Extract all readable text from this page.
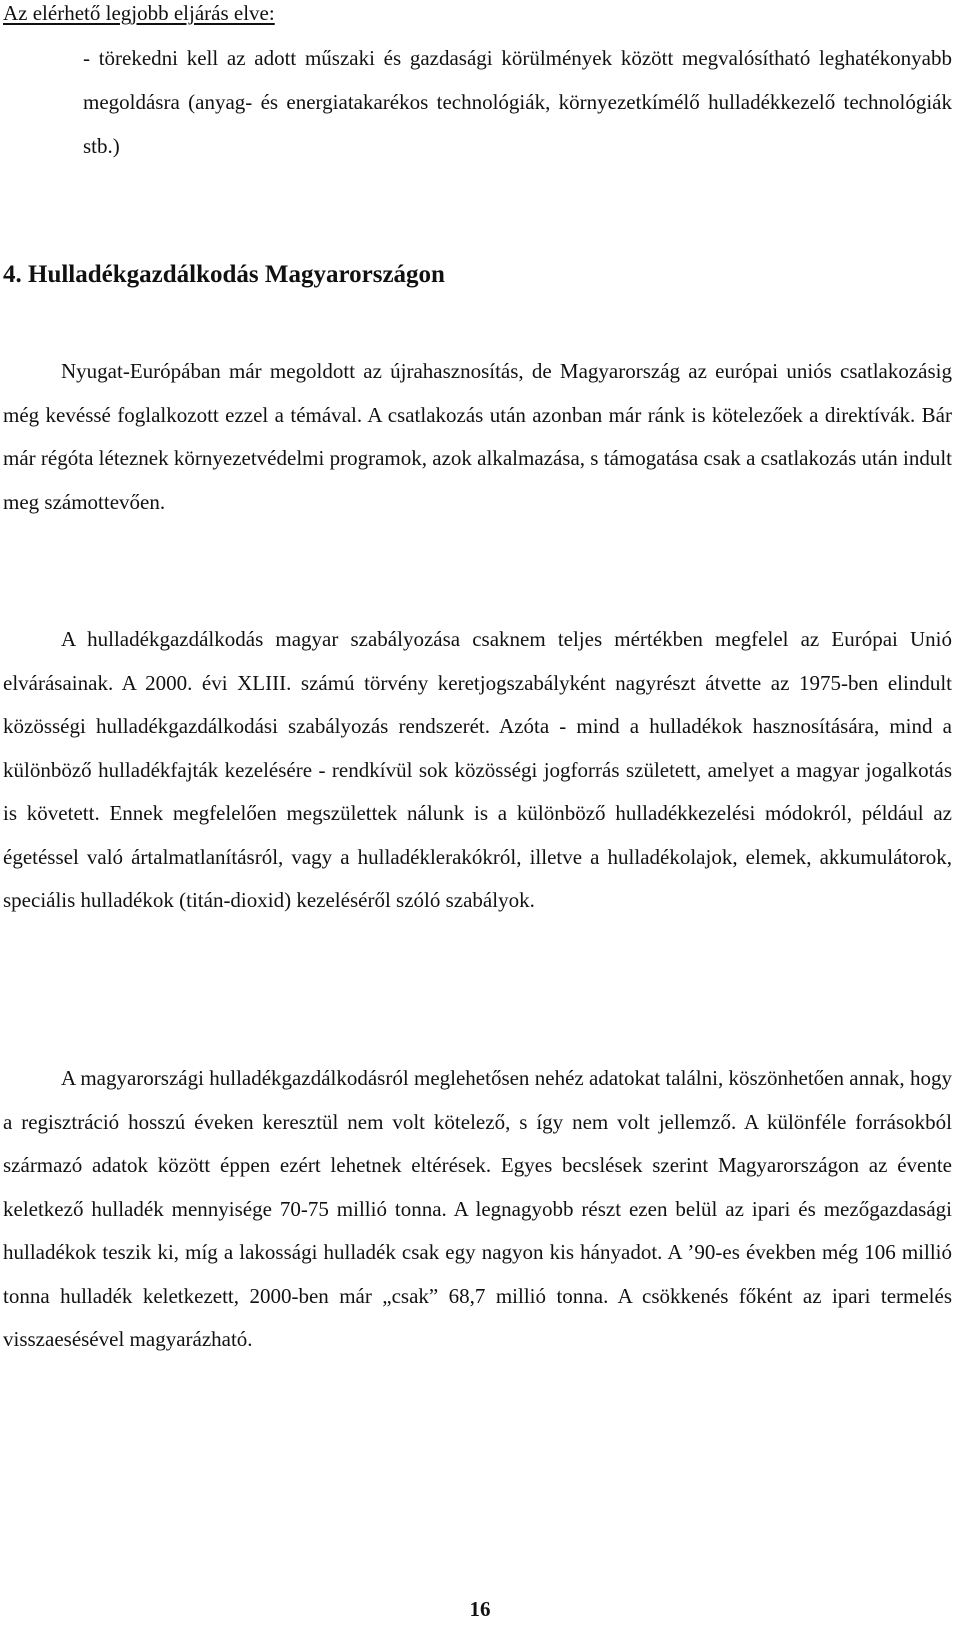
Az elérhető legjobb eljárás elve:
- törekedni kell az adott műszaki és gazdasági körülmények között megvalósítható leghatékonyabb megoldásra (anyag- és energiatakarékos technológiák, környezetkímélő hulladékkezelő technológiák stb.)
4. Hulladékgazdálkodás Magyarországon

Nyugat-Európában már megoldott az újrahasznosítás, de Magyarország az európai uniós csatlakozásig még kevéssé foglalkozott ezzel a témával. A csatlakozás után azonban már ránk is kötelezőek a direktívák. Bár már régóta léteznek környezetvédelmi programok, azok alkalmazása, s támogatása csak a csatlakozás után indult meg számottevően.

A hulladékgazdálkodás magyar szabályozása csaknem teljes mértékben megfelel az Európai Unió elvárásainak. A 2000. évi XLIII. számú törvény keretjogszabályként nagyrészt átvette az 1975-ben elindult közösségi hulladékgazdálkodási szabályozás rendszerét. Azóta - mind a hulladékok hasznosítására, mind a különböző hulladékfajták kezelésére - rendkívül sok közösségi jogforrás született, amelyet a magyar jogalkotás is követett. Ennek megfelelően megszülettek nálunk is a különböző hulladékkezelési módokról, például az égetéssel való ártalmatlanításról, vagy a hulladéklerakókról, illetve a hulladékolajok, elemek, akkumulátorok, speciális hulladékok (titán-dioxid) kezeléséről szóló szabályok.

A magyarországi hulladékgazdálkodásról meglehetősen nehéz adatokat találni, köszönhetően annak, hogy a regisztráció hosszú éveken keresztül nem volt kötelező, s így nem volt jellemző. A különféle forrásokból származó adatok között éppen ezért lehetnek eltérések. Egyes becslések szerint Magyarországon az évente keletkező hulladék mennyisége 70-75 millió tonna. A legnagyobb részt ezen belül az ipari és mezőgazdasági hulladékok teszik ki, míg a lakossági hulladék csak egy nagyon kis hányadot. A ’90-es években még 106 millió tonna hulladék keletkezett, 2000-ben már „csak” 68,7 millió tonna. A csökkenés főként az ipari termelés visszaesésével magyarázható.

16
